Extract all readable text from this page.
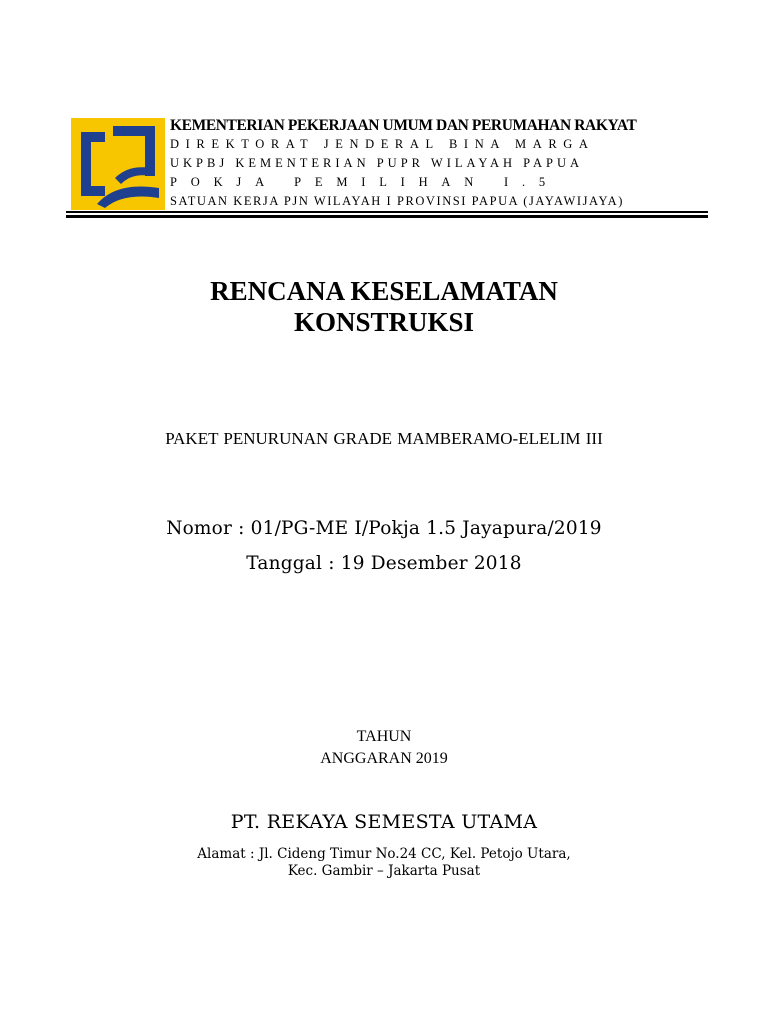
KEMENTERIAN PEKERJAAN UMUM DAN PERUMAHAN RAKYAT
DIREKTORAT JENDERAL BINA MARGA
UKPBJ KEMENTERIAN PUPR WILAYAH PAPUA
POKJA PEMILIHAN I.5
SATUAN KERJA PJN WILAYAH I PROVINSI PAPUA (JAYAWIJAYA)
RENCANA KESELAMATAN
KONSTRUKSI
PAKET PENURUNAN GRADE MAMBERAMO-ELELIM III
Nomor : 01/PG-ME I/Pokja 1.5 Jayapura/2019
Tanggal : 19 Desember 2018
TAHUN
ANGGARAN 2019
PT. REKAYA SEMESTA UTAMA
Alamat : Jl. Cideng Timur No.24 CC, Kel. Petojo Utara,
Kec. Gambir – Jakarta Pusat
